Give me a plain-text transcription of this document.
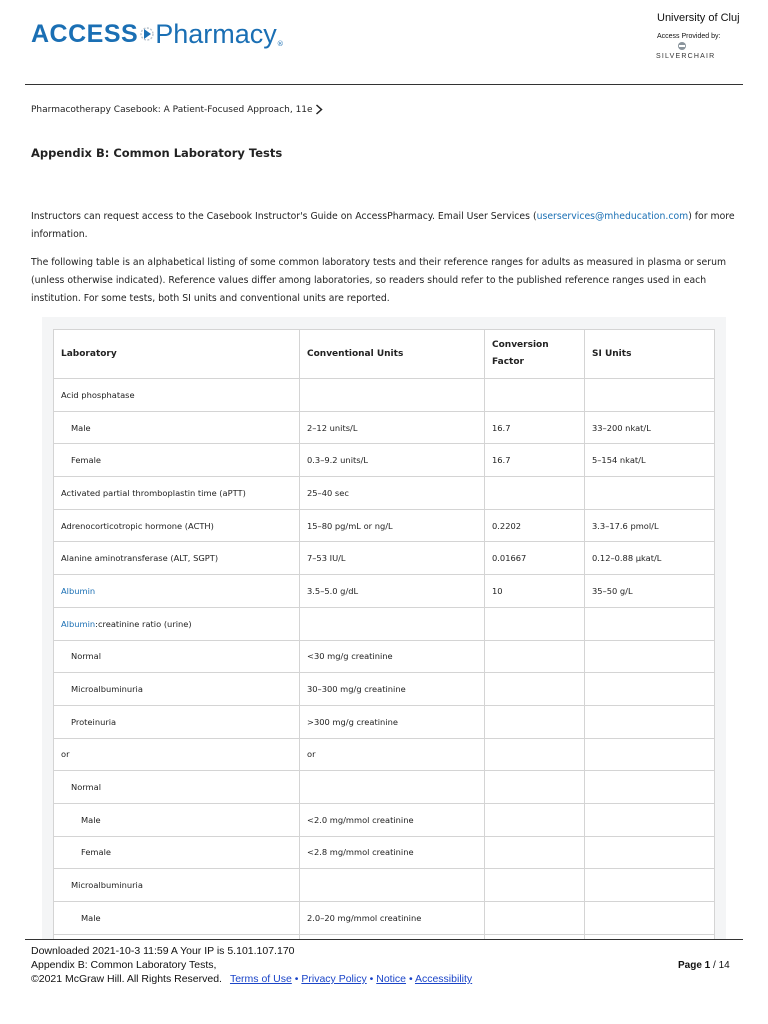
ACCESS Pharmacy ®
University of Cluj
Access Provided by:
SILVERCHAIR
Pharmacotherapy Casebook: A Patient-Focused Approach, 11e
Appendix B: Common Laboratory Tests
Instructors can request access to the Casebook Instructor's Guide on AccessPharmacy. Email User Services (userservices@mheducation.com) for more information.
The following table is an alphabetical listing of some common laboratory tests and their reference ranges for adults as measured in plasma or serum (unless otherwise indicated). Reference values differ among laboratories, so readers should refer to the published reference ranges used in each institution. For some tests, both SI units and conventional units are reported.
Laboratory	Conventional Units	Conversion Factor	SI Units
Acid phosphatase			
Male	2–12 units/L	16.7	33–200 nkat/L
Female	0.3–9.2 units/L	16.7	5–154 nkat/L
Activated partial thromboplastin time (aPTT)	25–40 sec		
Adrenocorticotropic hormone (ACTH)	15–80 pg/mL or ng/L	0.2202	3.3–17.6 pmol/L
Alanine aminotransferase (ALT, SGPT)	7–53 IU/L	0.01667	0.12–0.88 μkat/L
Albumin	3.5–5.0 g/dL	10	35–50 g/L
Albumin:creatinine ratio (urine)			
Normal	<30 mg/g creatinine		
Microalbuminuria	30–300 mg/g creatinine		
Proteinuria	>300 mg/g creatinine		
or	or		
Normal			
Male	<2.0 mg/mmol creatinine		
Female	<2.8 mg/mmol creatinine		
Microalbuminuria			
Male	2.0–20 mg/mmol creatinine		

Downloaded 2021-10-3 11:59 A Your IP is 5.101.107.170
Appendix B: Common Laboratory Tests,
©2021 McGraw Hill. All Rights Reserved. Terms of Use • Privacy Policy • Notice • Accessibility
Page 1 / 14
